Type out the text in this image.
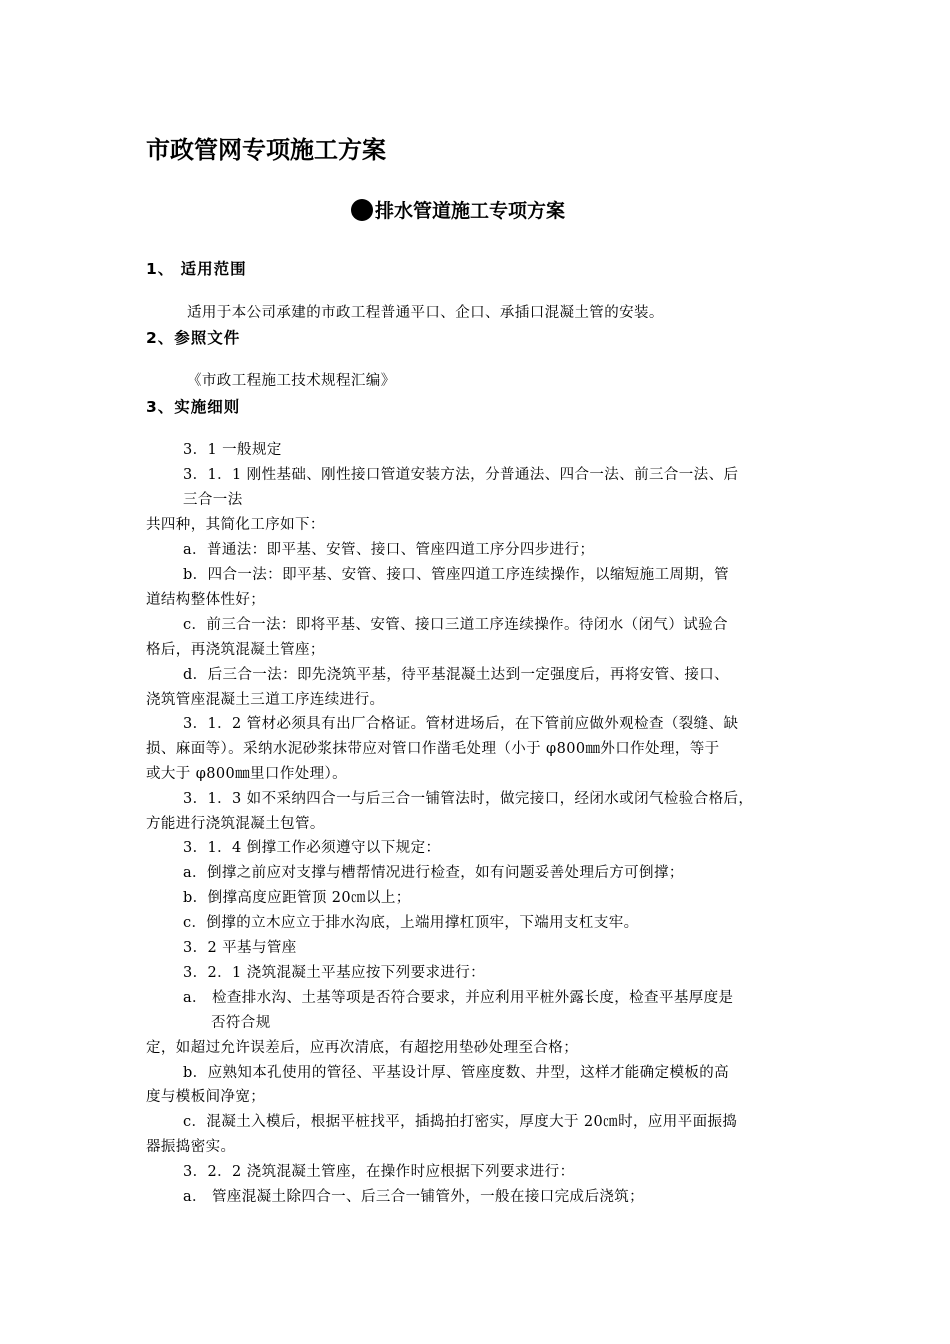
市政管网专项施工方案
排水管道施工专项方案
1、 适用范围
适用于本公司承建的市政工程普通平口、企口、承插口混凝土管的安装。
2、参照文件
《市政工程施工技术规程汇编》
3、实施细则
3．1 一般规定
3．1．1 刚性基础、刚性接口管道安装方法，分普通法、四合一法、前三合一法、后
三合一法
共四种，其简化工序如下：
a．普通法：即平基、安管、接口、管座四道工序分四步进行；
b．四合一法：即平基、安管、接口、管座四道工序连续操作，以缩短施工周期，管
道结构整体性好；
c．前三合一法：即将平基、安管、接口三道工序连续操作。待闭水（闭气）试验合
格后，再浇筑混凝土管座；
d．后三合一法：即先浇筑平基，待平基混凝土达到一定强度后，再将安管、接口、
浇筑管座混凝土三道工序连续进行。
3．1．2 管材必须具有出厂合格证。管材进场后，在下管前应做外观检查（裂缝、缺
损、麻面等）。采纳水泥砂浆抹带应对管口作凿毛处理（小于 φ800㎜外口作处理，等于
或大于 φ800㎜里口作处理）。
3．1．3 如不采纳四合一与后三合一铺管法时，做完接口，经闭水或闭气检验合格后，
方能进行浇筑混凝土包管。
3．1．4 倒撑工作必须遵守以下规定：
a．倒撑之前应对支撑与槽帮情况进行检查，如有问题妥善处理后方可倒撑；
b．倒撑高度应距管顶 20㎝以上；
c．倒撑的立木应立于排水沟底，上端用撑杠顶牢，下端用支杠支牢。
3．2 平基与管座
3．2．1 浇筑混凝土平基应按下列要求进行：
a． 检查排水沟、土基等项是否符合要求，并应利用平桩外露长度，检查平基厚度是
否符合规
定，如超过允许误差后，应再次清底，有超挖用垫砂处理至合格；
b．应熟知本孔使用的管径、平基设计厚、管座度数、井型，这样才能确定模板的高
度与模板间净宽；
c．混凝土入模后，根据平桩找平，插捣拍打密实，厚度大于 20㎝时，应用平面振捣
器振捣密实。
3．2．2 浇筑混凝土管座，在操作时应根据下列要求进行：
a． 管座混凝土除四合一、后三合一铺管外，一般在接口完成后浇筑；
